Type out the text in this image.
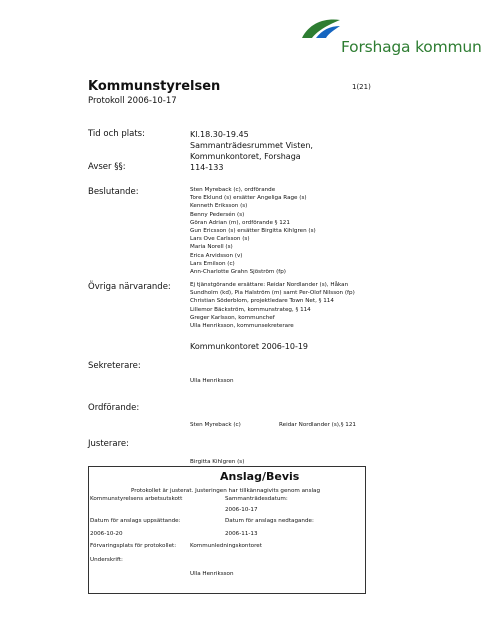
Forshaga kommun
Kommunstyrelsen	1(21)
Protokoll 2006-10-17
Tid och plats:	Kl.18.30-19.45
Sammanträdesrummet Visten,
Kommunkontoret, Forshaga
Avser §§:	114-133
Beslutande:	Sten Myreback (c), ordförande
Tore Eklund (s) ersätter Angeliga Rage (s)
Kenneth Eriksson (s)
Benny Pedersén (s)
Göran Adrian (m), ordförande § 121
Gun Ericsson (s) ersätter Birgitta Kihlgren (s)
Lars Ove Carlsson (s)
Maria Norell (s)
Erica Arvidsson (v)
Lars Emilson (c)
Ann-Charlotte Grahn Sjöström (fp)
Övriga närvarande:	Ej tjänstgörande ersättare: Reidar Nordlander (s), Håkan
Sundholm (kd), Pia Halström (m) samt Per-Olof Nilsson (fp)
Christian Söderblom, projektledare Town Net, § 114
Lillemor Bäckström, kommunstrateg, § 114
Greger Karlsson, kommunchef
Ulla Henriksson, kommunsekreterare
Kommunkontoret 2006-10-19
Sekreterare:
Ulla Henriksson
Ordförande:
Sten Myreback (c)	Reidar Nordlander (s),§ 121
Justerare:
Birgitta Kihlgren (s)
Anslag/Bevis
Protokollet är justerat. Justeringen har tillkännagivits genom anslag
Kommunstyrelsens arbetsutskott	Sammanträdesdatum:
2006-10-17
Datum för anslags uppsättande:	Datum för anslags nedtagande:
2006-10-20	2006-11-13
Förvaringsplats för protokollet: Kommunledningskontoret
Underskrift:
Ulla Henriksson
